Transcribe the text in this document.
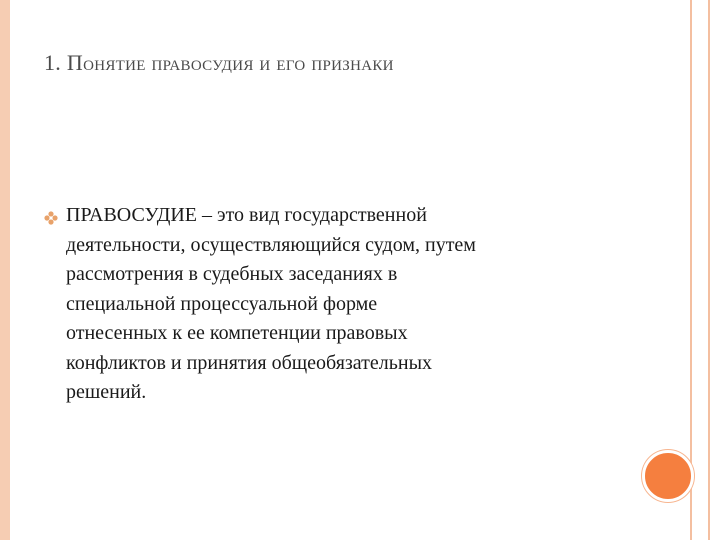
1. Понятие правосудия и его признаки
ПРАВОСУДИЕ – это вид государственной
деятельности, осуществляющийся судом, путем
рассмотрения в судебных заседаниях в
специальной процессуальной форме
отнесенных к ее компетенции правовых
конфликтов и принятия общеобязательных
решений.
